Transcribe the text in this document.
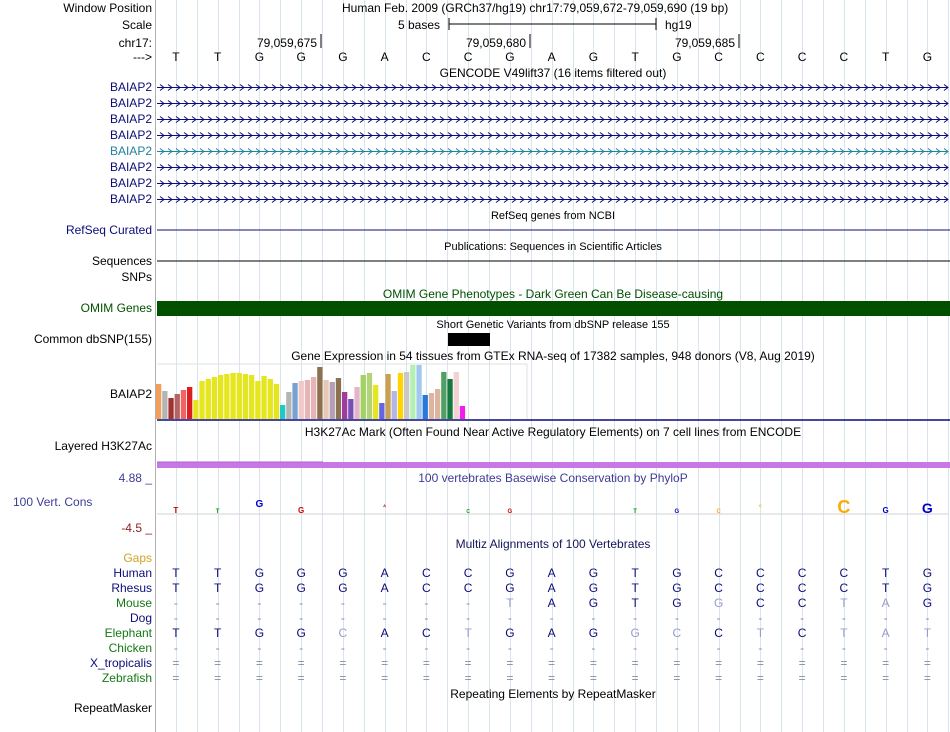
T	T
G
G
A
C	G	T	G	C
C	C	G G
Window Position	Human Feb. 2009 (GRCh37/hg19) chr17:79,059,672-79,059,690 (19 bp)
Scale	5 bases	hg19
chr17:
--->
GENCODE V49lift37 (16 items filtered out)
RefSeq genes from NCBI
RefSeq Curated
Publications: Sequences in Scientific Articles
Sequences
SNPs
OMIM Gene Phenotypes - Dark Green Can Be Disease-causing
OMIM Genes
Short Genetic Variants from dbSNP release 155
Common dbSNP(155)
Gene Expression in 54 tissues from GTEx RNA-seq of 17382 samples, 948 donors (V8, Aug 2019)
BAIAP2
H3K27Ac Mark (Often Found Near Active Regulatory Elements) on 7 cell lines from ENCODE
Layered H3K27Ac
4.88 _	100 vertebrates Basewise Conservation by PhyloP
100 Vert. Cons
-4.5 _
Multiz Alignments of 100 Vertebrates
Gaps
Repeating Elements by RepeatMasker
RepeatMasker
79,059,675	79,059,680	79,059,685
T	T	G	G	G	A	C	C	G	A	G	T	G	C	C	C	C	T	G
BAIAP2
BAIAP2
BAIAP2
BAIAP2
BAIAP2
BAIAP2
BAIAP2
BAIAP2
Human	T	T	G	G	G	A	C	C	G	A	G	T	G	C	C	C	C	T	G
Rhesus	T	T	G	G	G	A	C	C	G	A	G	T	G	C	C	C	C	T	G
Mouse	-	-	-	-	-	-	-	-	T	A	G	T	G	G	C	C	T	A	G
Dog	-	-	-	-	-	-	-	-	-	-	-	-	-	-	-	-	-	-	-
Elephant	T	T	G	G	C	A	C	T	G	A	G	G	C	C	T	C	T	A	T
Chicken	-	-	-	-	-	-	-	-	-	-	-	-	-	-	-	-	-	-	-
X_tropicalis	=	=	=	=	=	=	=	=	=	=	=	=	=	=	=	=	=	=	=
Zebrafish	=	=	=	=	=	=	=	=	=	=	=	=	=	=	=	=	=	=	=
